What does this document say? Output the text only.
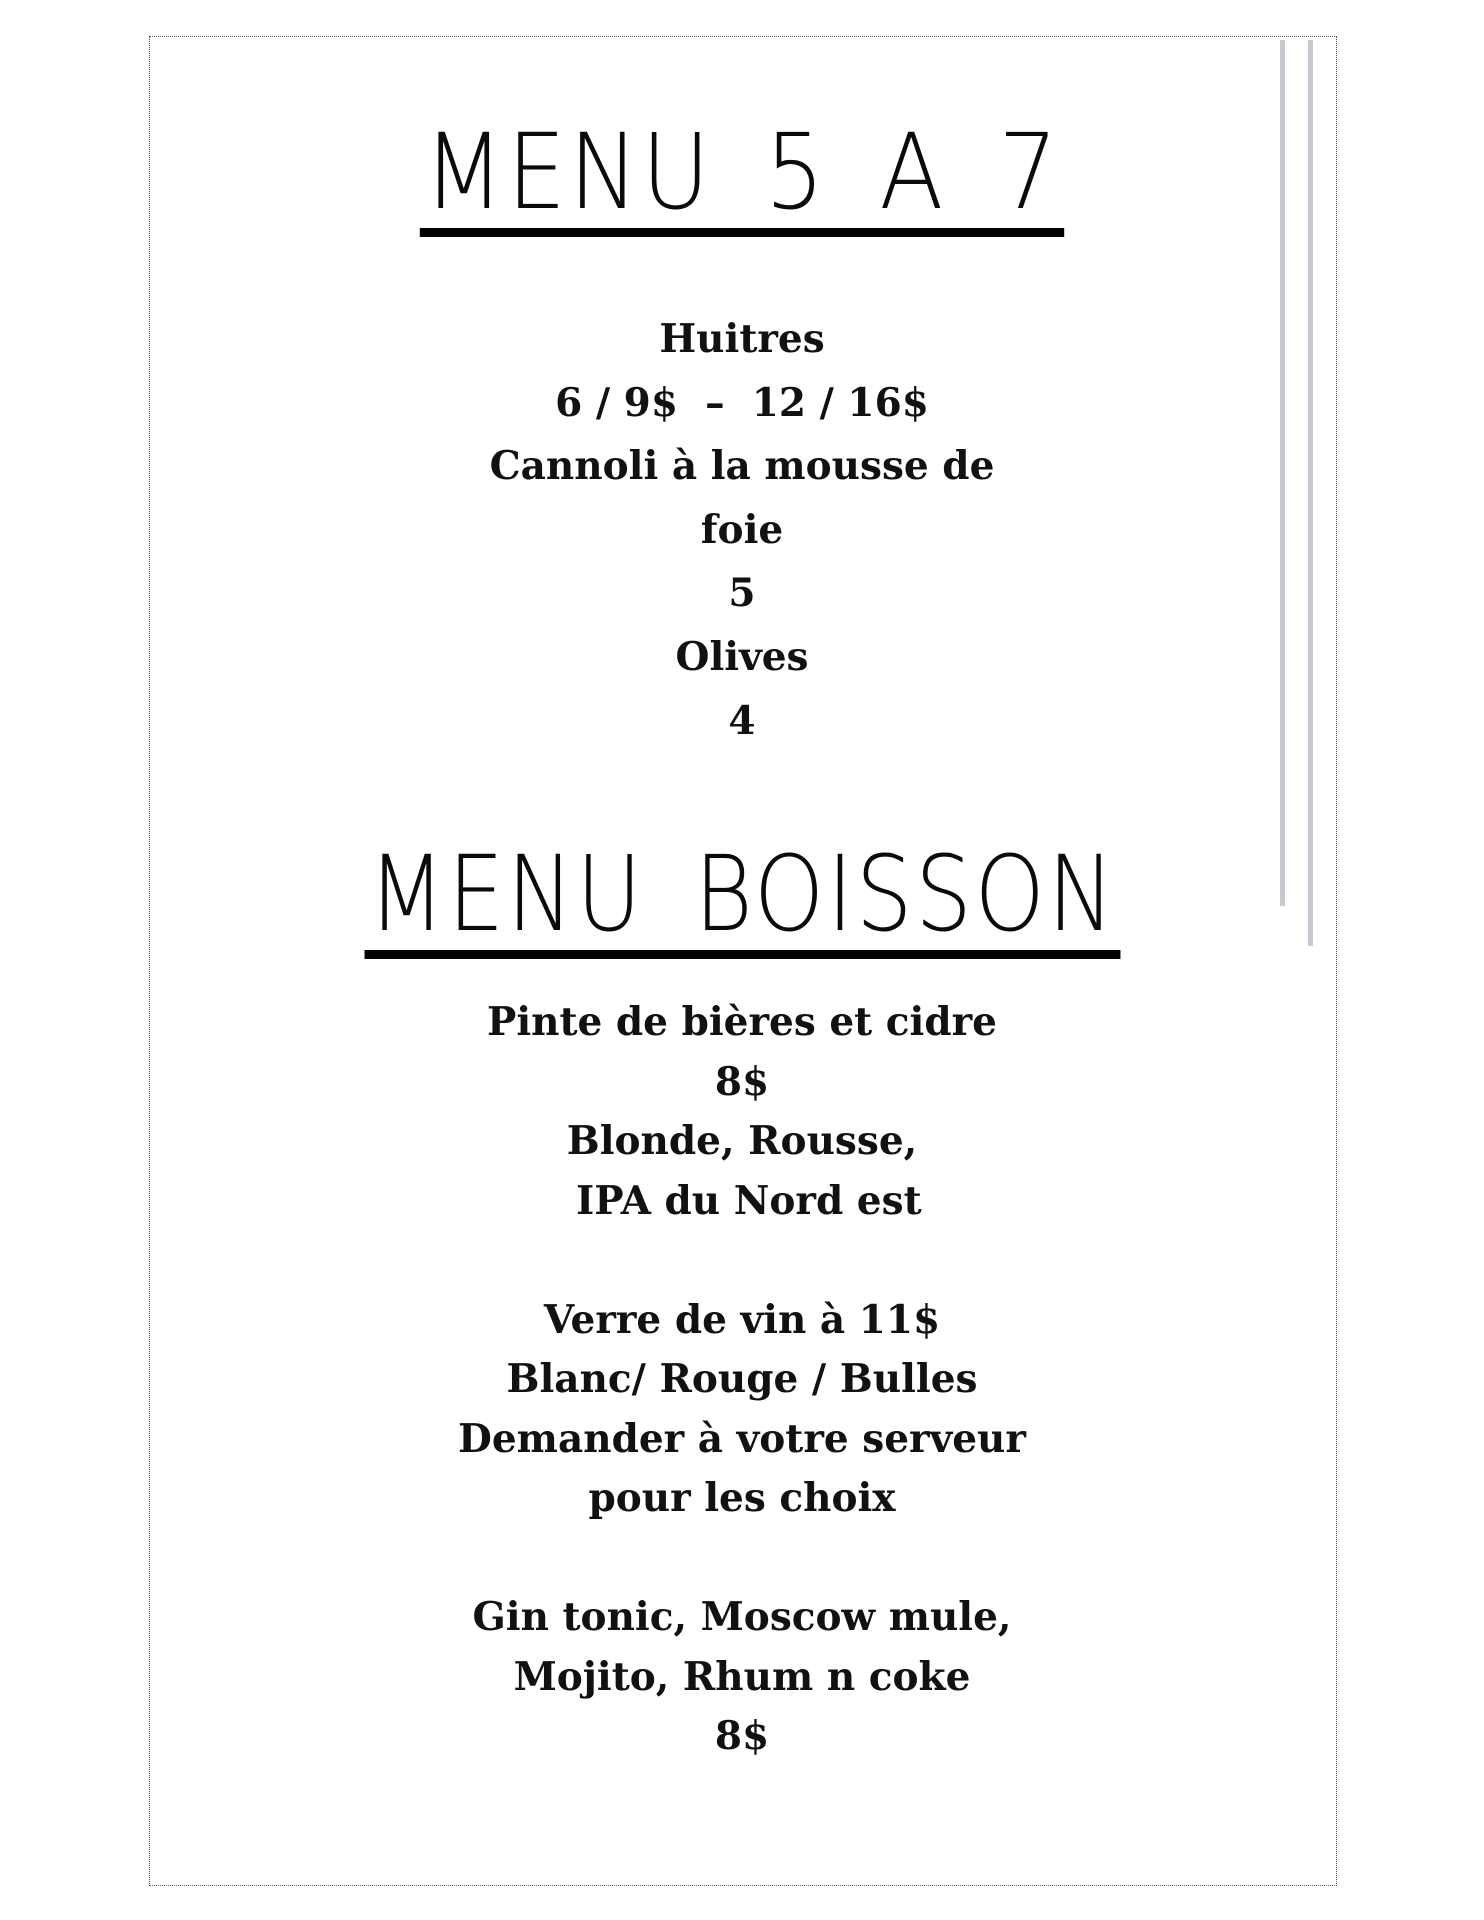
MENU 5 A 7
Huitres
6 / 9$  –  12 / 16$
Cannoli à la mousse de
foie
5
Olives
4
MENU BOISSON
Pinte de bières et cidre
8$
Blonde, Rousse,
IPA du Nord est
Verre de vin à 11$
Blanc/ Rouge / Bulles
Demander à votre serveur
pour les choix
Gin tonic, Moscow mule,
Mojito, Rhum n coke
8$
